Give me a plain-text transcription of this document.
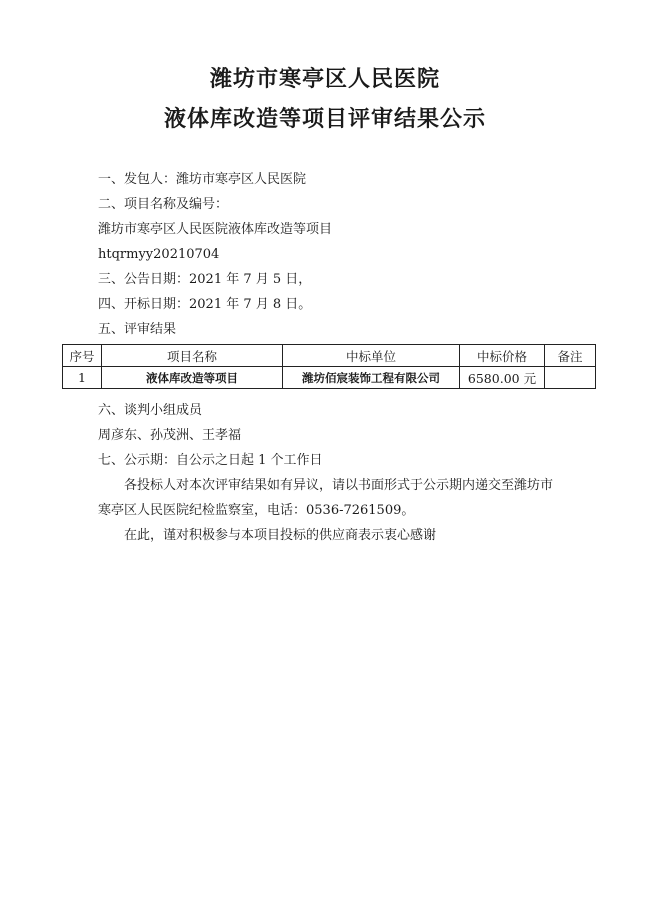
潍坊市寒亭区人民医院
液体库改造等项目评审结果公示
一、发包人：潍坊市寒亭区人民医院
二、项目名称及编号：
潍坊市寒亭区人民医院液体库改造等项目
htqrmyy20210704
三、公告日期：2021 年 7 月 5 日，
四、开标日期：2021 年 7 月 8 日。
五、评审结果
序号	项目名称	中标单位	中标价格	备注
1	液体库改造等项目	潍坊佰宸装饰工程有限公司	6580.00 元	
六、谈判小组成员
周彦东、孙茂洲、王孝福
七、公示期：自公示之日起 1 个工作日
各投标人对本次评审结果如有异议，请以书面形式于公示期内递交至潍坊市
寒亭区人民医院纪检监察室，电话：0536-7261509。
在此，谨对积极参与本项目投标的供应商表示衷心感谢
